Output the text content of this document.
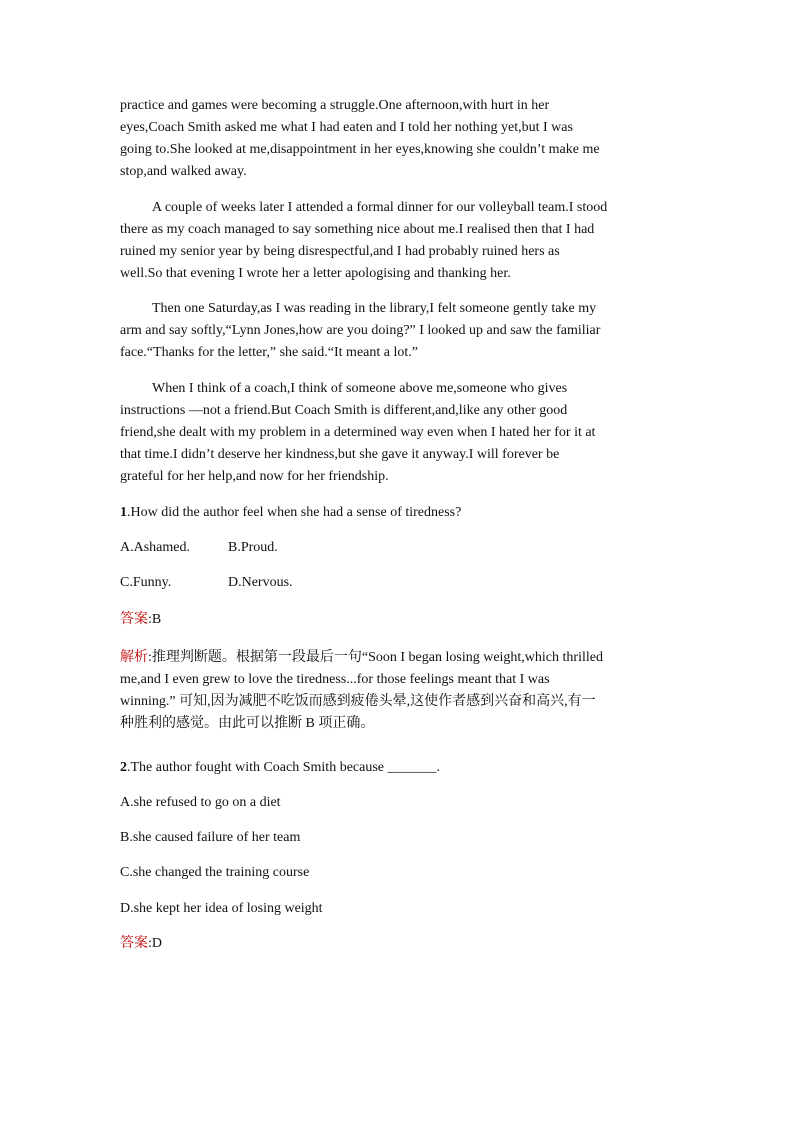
practice and games were becoming a struggle.One afternoon,with hurt in her
eyes,Coach Smith asked me what I had eaten and I told her nothing yet,but I was
going to.She looked at me,disappointment in her eyes,knowing she couldn’t make me
stop,and walked away.
A couple of weeks later I attended a formal dinner for our volleyball team.I stood
there as my coach managed to say something nice about me.I realised then that I had
ruined my senior year by being disrespectful,and I had probably ruined hers as
well.So that evening I wrote her a letter apologising and thanking her.
Then one Saturday,as I was reading in the library,I felt someone gently take my
arm and say softly,“Lynn Jones,how are you doing?” I looked up and saw the familiar
face.“Thanks for the letter,” she said.“It meant a lot.”
When I think of a coach,I think of someone above me,someone who gives
instructions —not a friend.But Coach Smith is different,and,like any other good
friend,she dealt with my problem in a determined way even when I hated her for it at
that time.I didn’t deserve her kindness,but she gave it anyway.I will forever be
grateful for her help,and now for her friendship.
1.How did the author feel when she had a sense of tiredness?
A.Ashamed.	B.Proud.
C.Funny.	D.Nervous.
答案:B
解析:推理判断题。根据第一段最后一句“Soon I began losing weight,which thrilled
me,and I even grew to love the tiredness...for those feelings meant that I was
winning.” 可知,因为减肥不吃饭而感到疲倦头晕,这使作者感到兴奋和高兴,有一
种胜利的感觉。由此可以推断 B 项正确。
2.The author fought with Coach Smith because _______.
A.she refused to go on a diet
B.she caused failure of her team
C.she changed the training course
D.she kept her idea of losing weight
答案:D
